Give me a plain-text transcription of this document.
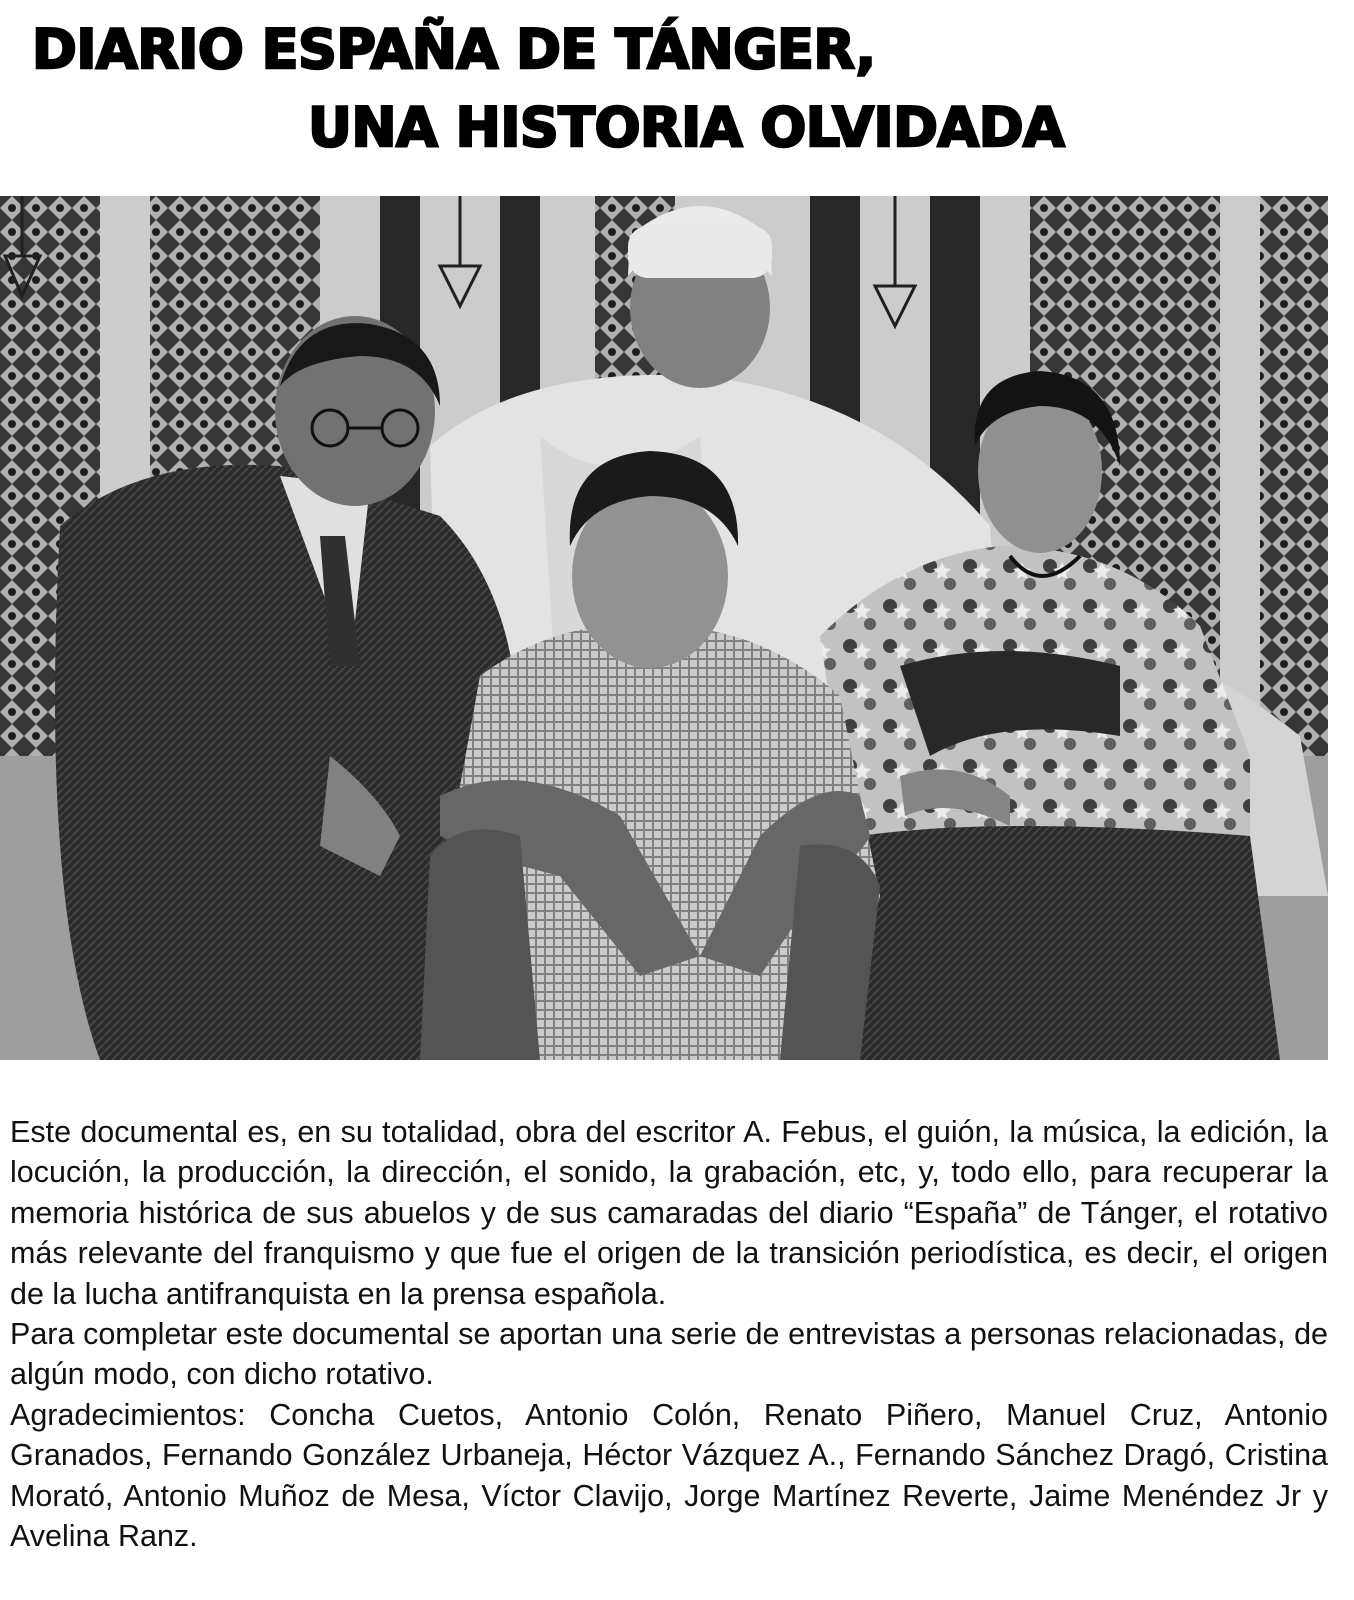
DIARIO ESPAÑA DE TÁNGER,
UNA HISTORIA OLVIDADA
Este documental es, en su totalidad, obra del escritor A. Febus, el guión, la música, la edición, la locución, la producción, la dirección, el sonido, la grabación, etc, y, todo ello, para recuperar la memoria histórica de sus abuelos y de sus camaradas del diario “España” de Tánger, el rotativo más relevante del franquismo y que fue el origen de la transición periodística, es decir, el origen de la lucha antifranquista en la prensa española.
Para completar este documental se aportan una serie de entrevistas a personas relacionadas, de algún modo, con dicho rotativo.
Agradecimientos: Concha Cuetos, Antonio Colón, Renato Piñero, Manuel Cruz, Antonio Granados, Fernando González Urbaneja, Héctor Vázquez A., Fernando Sánchez Dragó, Cristina Morató, Antonio Muñoz de Mesa, Víctor Clavijo, Jorge Martínez Reverte, Jaime Menéndez Jr y Avelina Ranz.
